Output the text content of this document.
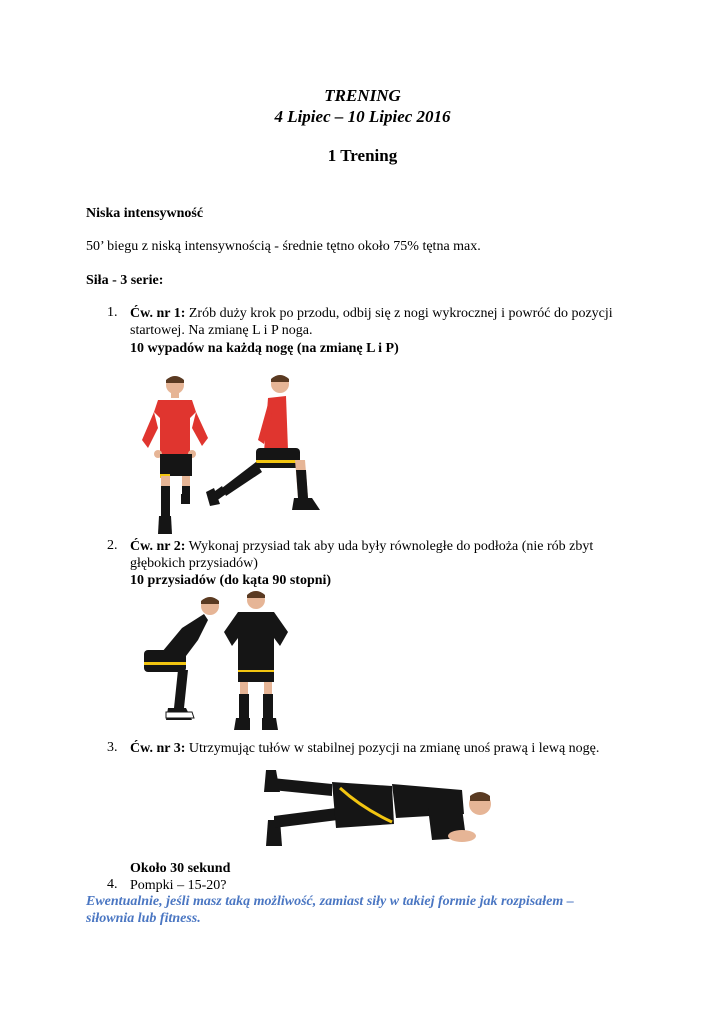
TRENING
4 Lipiec – 10 Lipiec 2016
1 Trening
Niska intensywność
50’ biegu z niską intensywnością - średnie tętno około 75% tętna max.
Siła - 3 serie:
1. Ćw. nr 1: Zrób duży krok po przodu, odbij się z nogi wykrocznej i powróć do pozycji
startowej. Na zmianę L i P noga.
10 wypadów na każdą nogę (na zmianę L i P)
2. Ćw. nr 2: Wykonaj przysiad tak aby uda były równoległe do podłoża (nie rób zbyt
głębokich przysiadów)
10 przysiadów (do kąta 90 stopni)
3. Ćw. nr 3: Utrzymując tułów w stabilnej pozycji na zmianę unoś prawą i lewą nogę.
Około 30 sekund
4. Pompki – 15-20?
Ewentualnie, jeśli masz taką możliwość, zamiast siły w takiej formie jak rozpisałem –
siłownia lub fitness.
